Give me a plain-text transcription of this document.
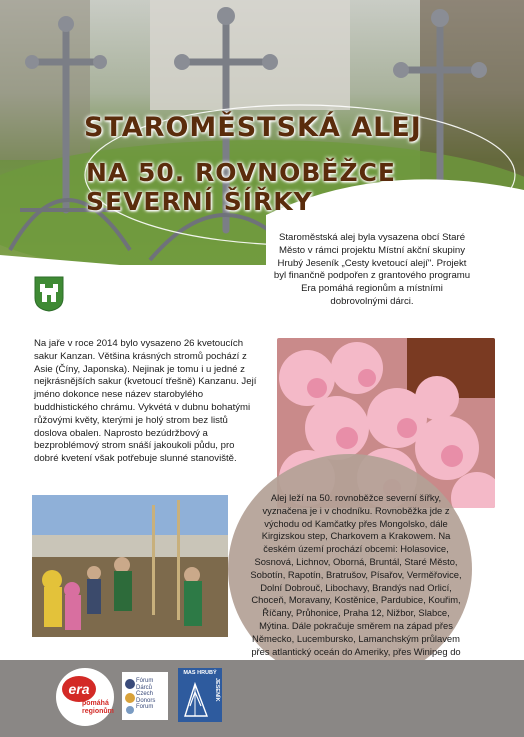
STAROMĚSTSKÁ ALEJ
NA 50. ROVNOBĚŽCE SEVERNÍ ŠÍŘKY
Staroměstská alej byla vysazena obcí Staré Město v rámci projektu Místní akční skupiny Hrubý Jeseník „Cesty kvetoucí alejí". Projekt byl finančně podpořen z grantového programu Era pomáhá regionům a místními dobrovolnými dárci.
Na jaře v roce 2014 bylo vysazeno 26 kvetoucích sakur Kanzan. Většina krásných stromů pochází z Asie (Číny, Japonska). Nejinak je tomu i u jedné z nejkrásnějších sakur (kvetoucí třešně) Kanzanu. Její jméno dokonce nese název starobylého buddhistického chrámu. Vykvétá v dubnu bohatými růžovými květy, kterými je holý strom bez listů doslova obalen. Naprosto bezúdržbový a bezproblémový strom snáší jakoukoli půdu, pro dobré kvetení však potřebuje slunné stanoviště.
Alej leží na 50. rovnoběžce severní šířky, vyznačena je i v chodníku. Rovnoběžka jde z východu od Kamčatky přes Mongolsko, dále Kirgizskou step, Charkovem a Krakowem. Na českém území prochází obcemi: Holasovice, Sosnová, Lichnov, Oborná, Bruntál, Staré Město, Sobotín, Rapotín, Bratrušov, Písařov, Verměřovice, Dolní Dobrouč, Libochavy, Brandýs nad Orlicí, Choceň, Moravany, Kostěnice, Pardubice, Kouřim, Říčany, Průhonice, Praha 12, Nižbor, Slabce, Mýtina. Dále pokračuje směrem na západ přes Německo, Lucembursko, Lamanchským průlavem přes atlantický oceán do Ameriky, přes Winipeg do
era
pomáhá regionům
Fórum Dárců Czech Donors Forum
MAS HRUBÝ
JESENÍK
